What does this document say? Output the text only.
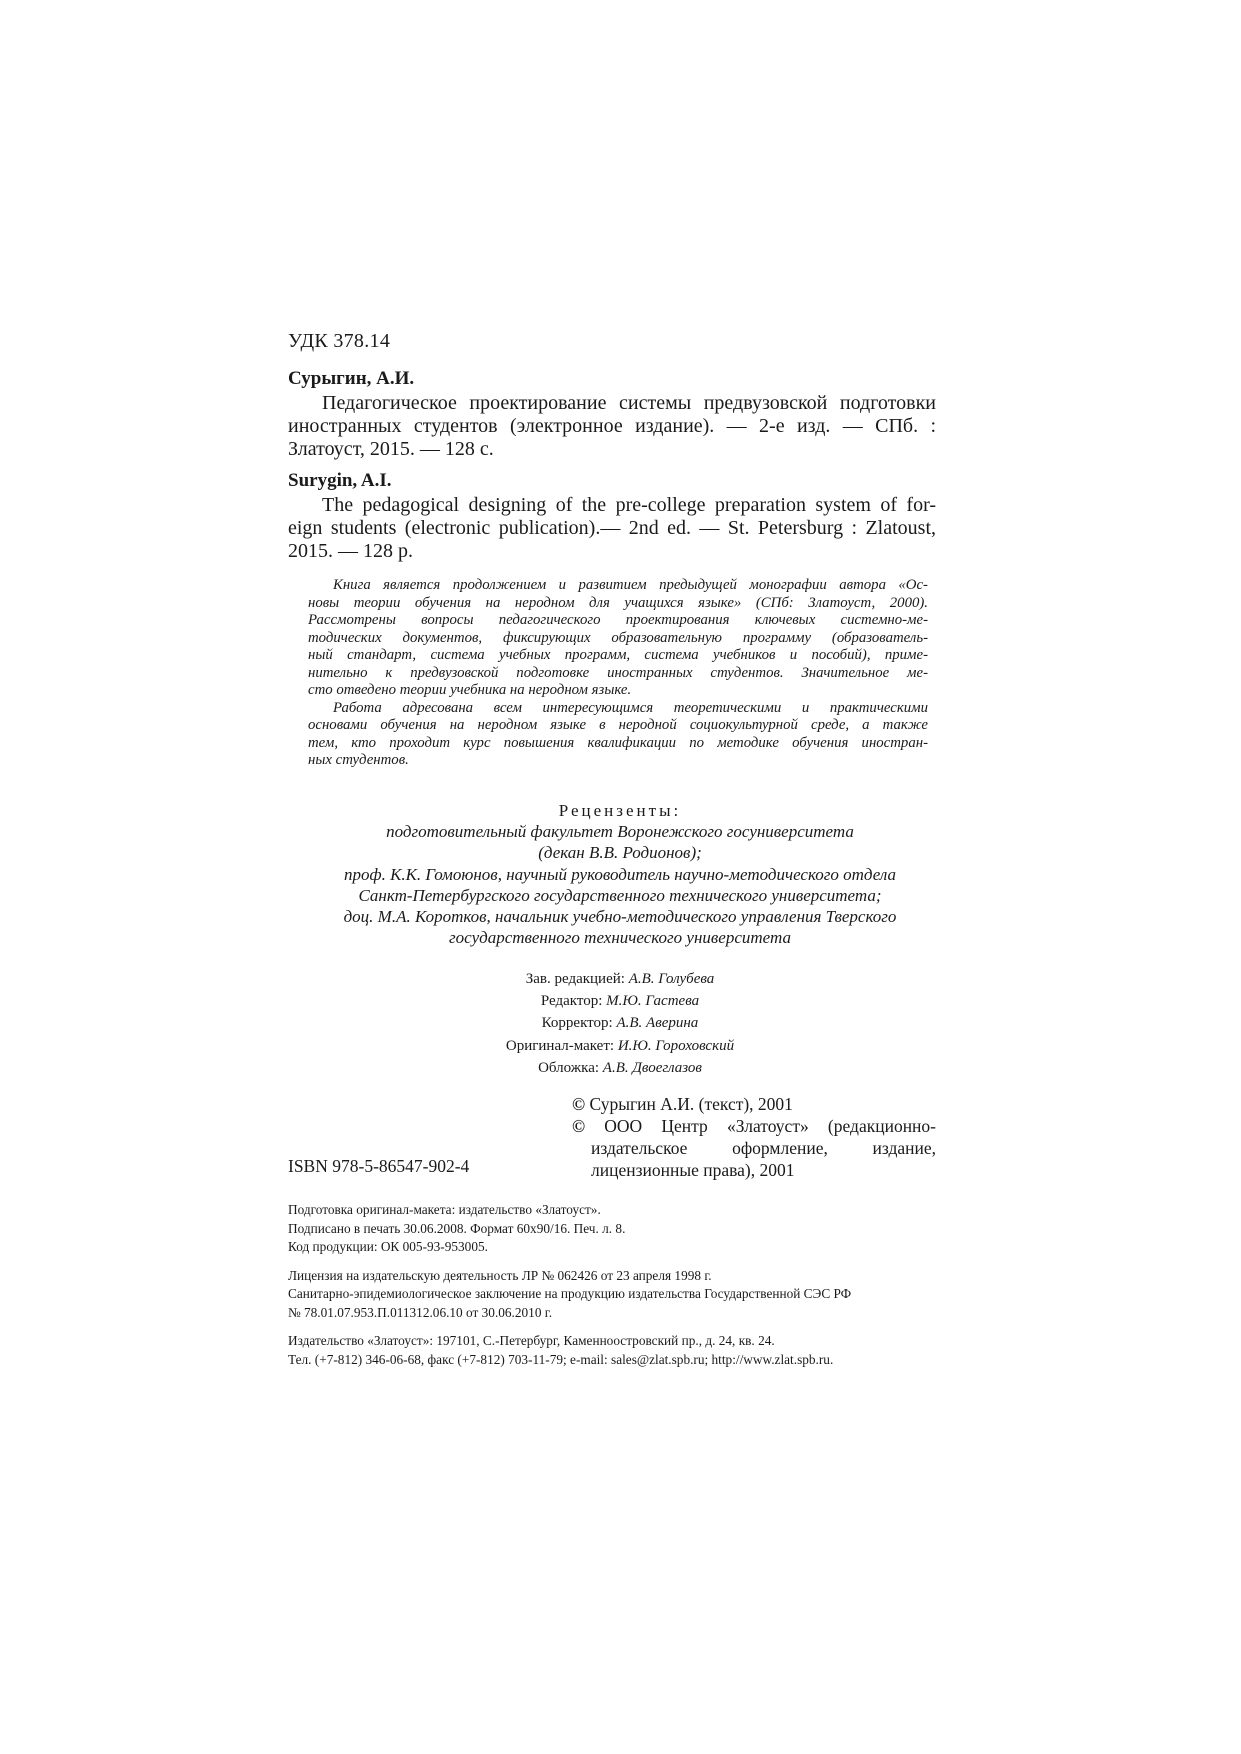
УДК 378.14
Сурыгин, А.И.
Педагогическое проектирование системы предвузовской подготовки
иностранных студентов (электронное издание). — 2-е изд. — СПб. :
Златоуст, 2015. — 128 с.
Surygin, A.I.
The pedagogical designing of the pre-college preparation system of for-
eign students (electronic publication).— 2nd ed. — St. Petersburg : Zlatoust,
2015. — 128 p.
Книга является продолжением и развитием предыдущей монографии автора «Ос-
новы теории обучения на неродном для учащихся языке» (СПб: Златоуст, 2000).
Рассмотрены вопросы педагогического проектирования ключевых системно-ме-
тодических документов, фиксирующих образовательную программу (образователь-
ный стандарт, система учебных программ, система учебников и пособий), приме-
нительно к предвузовской подготовке иностранных студентов. Значительное ме-
сто отведено теории учебника на неродном языке.
Работа адресована всем интересующимся теоретическими и практическими
основами обучения на неродном языке в неродной социокультурной среде, а также
тем, кто проходит курс повышения квалификации по методике обучения иностран-
ных студентов.
Рецензенты:
подготовительный факультет Воронежского госуниверситета
(декан В.В. Родионов);
проф. К.К. Гомоюнов, научный руководитель научно-методического отдела
Санкт-Петербургского государственного технического университета;
доц. М.А. Коротков, начальник учебно-методического управления Тверского
государственного технического университета
Зав. редакцией: А.В. Голубева
Редактор: М.Ю. Гастева
Корректор: А.В. Аверина
Оригинал-макет: И.Ю. Гороховский
Обложка: А.В. Двоеглазов
© Сурыгин А.И. (текст), 2001
© ООО Центр «Златоуст» (редакционно-
издательское оформление, издание,
лицензионные права), 2001
ISBN 978-5-86547-902-4
Подготовка оригинал-макета: издательство «Златоуст».
Подписано в печать 30.06.2008. Формат 60х90/16. Печ. л. 8.
Код продукции: ОК 005-93-953005.
Лицензия на издательскую деятельность ЛР № 062426 от 23 апреля 1998 г.
Санитарно-эпидемиологическое заключение на продукцию издательства Государственной СЭС РФ
№ 78.01.07.953.П.011312.06.10 от 30.06.2010 г.
Издательство «Златоуст»: 197101, С.-Петербург, Каменноостровский пр., д. 24, кв. 24.
Тел. (+7-812) 346-06-68, факс (+7-812) 703-11-79; e-mail: sales@zlat.spb.ru; http://www.zlat.spb.ru.
